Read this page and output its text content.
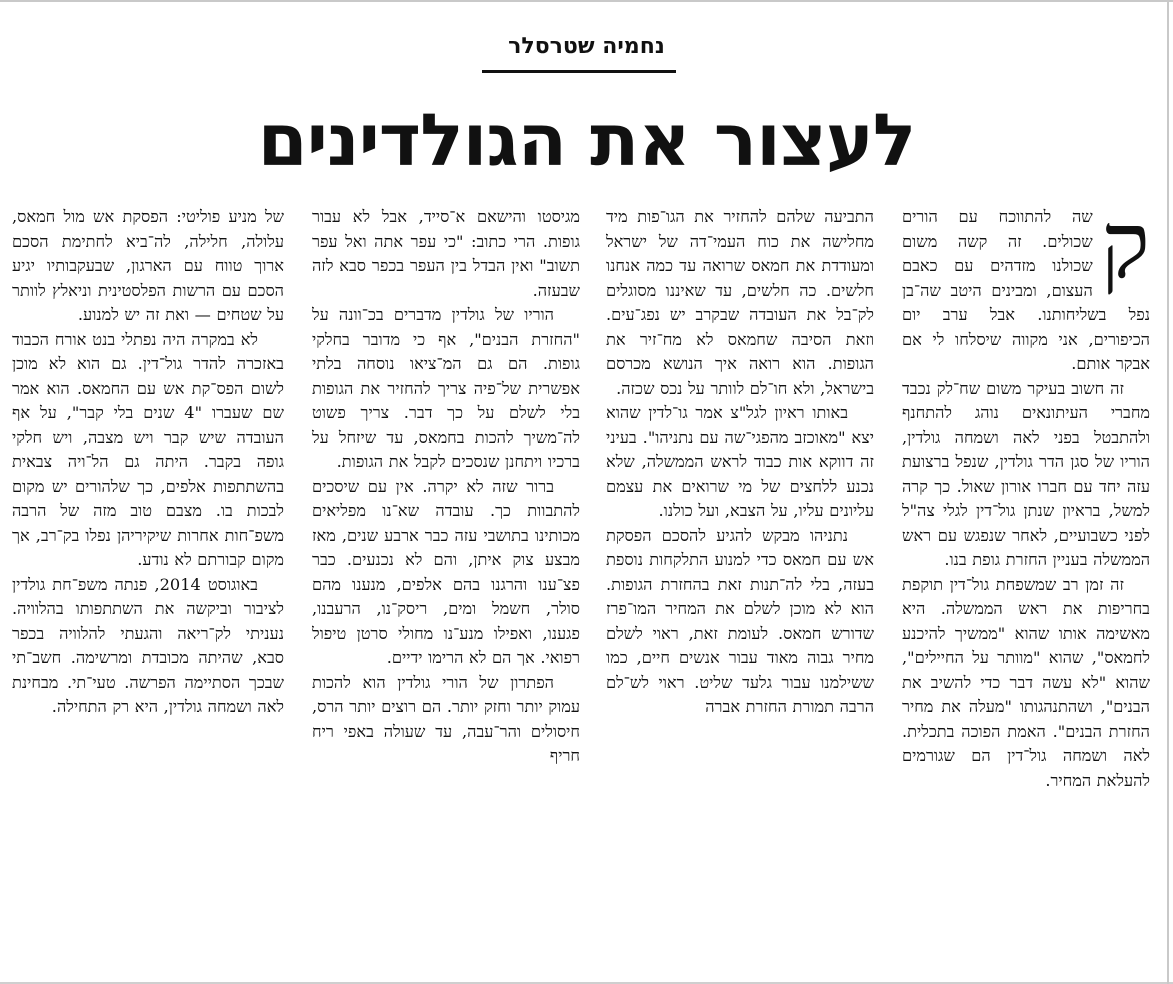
נחמיה שטרסלר
לעצור את הגולדינים

ק
שה להתווכח עם הורים שכולים. זה קשה משום שכולנו מזדהים עם כאבם העצום, ומבינים היטב שה־בן נפל בשליחותנו. אבל ערב יום הכיפורים, אני מקווה שיסלחו לי אם אבקר אותם.

זה חשוב בעיקר משום שח־לק נכבד מחברי העיתונאים נוהג להתחנף ולהתבטל בפני לאה ושמחה גולדין, הוריו של סגן הדר גולדין, שנפל ברצועת עזה יחד עם חברו אורון שאול. כך קרה למשל, בראיון שנתן גול־דין לגלי צה"ל לפני כשבועיים, לאחר שנפגש עם ראש הממשלה בעניין החזרת גופת בנו.

זה זמן רב שמשפחת גול־דין תוקפת בחריפות את ראש הממשלה. היא מאשימה אותו שהוא "ממשיך להיכנע לחמאס", שהוא "מוותר על החיילים", שהוא "לא עשה דבר כדי להשיב את הבנים", ושהתנהגותו "מעלה את מחיר החזרת הבנים". האמת הפוכה בתכלית. לאה ושמחה גול־דין הם שגורמים להעלאת המחיר.

התביעה שלהם להחזיר את הגו־פות מיד מחלישה את כוח העמי־דה של ישראל ומעודדת את חמאס שרואה עד כמה אנחנו חלשים. כה חלשים, עד שאיננו מסוגלים לק־בל את העובדה שבקרב יש נפג־עים. וזאת הסיבה שחמאס לא מח־זיר את הגופות. הוא רואה איך הנושא מכרסם בישראל, ולא חו־לם לוותר על נכס שכזה.

באותו ראיון לגל"צ אמר גו־לדין שהוא יצא "מאוכזב מהפגי־שה עם נתניהו". בעיני זה דווקא אות כבוד לראש הממשלה, שלא נכנע ללחצים של מי שרואים את עצמם עליונים עליו, על הצבא, ועל כולנו.

נתניהו מבקש להגיע להסכם הפסקת אש עם חמאס כדי למנוע התלקחות נוספת בעזה, בלי לה־תנות זאת בהחזרת הגופות. הוא לא מוכן לשלם את המחיר המו־פרז שדורש חמאס. לעומת זאת, ראוי לשלם מחיר גבוה מאוד עבור אנשים חיים, כמו ששילמנו עבור גלעד שליט. ראוי לש־לם הרבה תמורת החזרת אברה

מגיסטו והישאם א־סייד, אבל לא עבור גופות. הרי כתוב: "כי עפר אתה ואל עפר תשוב" ואין הבדל בין העפר בכפר סבא לזה שבעזה.

הוריו של גולדין מדברים בכ־וונה על "החזרת הבנים", אף כי מדובר בחלקי גופות. הם גם המ־ציאו נוסחה בלתי אפשרית של־פיה צריך להחזיר את הגופות בלי לשלם על כך דבר. צריך פשוט לה־משיך להכות בחמאס, עד שיזחל על ברכיו ויתחנן שנסכים לקבל את הגופות.

ברור שזה לא יקרה. אין עם שיסכים להתבוות כך. עובדה שא־נו מפליאים מכותינו בתושבי עזה כבר ארבע שנים, מאז מבצע צוק איתן, והם לא נכנעים. כבר פצ־ענו והרגנו בהם אלפים, מנענו מהם סולר, חשמל ומים, ריסק־נו, הרעבנו, פגענו, ואפילו מנע־נו מחולי סרטן טיפול רפואי. אך הם לא הרימו ידיים.

הפתרון של הורי גולדין הוא להכות עמוק יותר וחזק יותר. הם רוצים יותר הרס, חיסולים והר־עבה, עד שעולה באפי ריח חריף

של מניע פוליטי: הפסקת אש מול חמאס, עלולה, חלילה, לה־ביא לחתימת הסכם ארוך טווח עם הארגון, שבעקבותיו יגיע הסכם עם הרשות הפלסטינית וניאלץ לוותר על שטחים — ואת זה יש למנוע.

לא במקרה היה נפתלי בנט אורח הכבוד באזכרה להדר גול־דין. גם הוא לא מוכן לשום הפס־קת אש עם החמאס. הוא אמר שם שעברו "4 שנים בלי קבר", על אף העובדה שיש קבר ויש מצבה, ויש חלקי גופה בקבר. היתה גם הל־ויה צבאית בהשתתפות אלפים, כך שלהורים יש מקום לבכות בו. מצבם טוב מזה של הרבה משפ־חות אחרות שיקיריהן נפלו בק־רב, אך מקום קבורתם לא נודע.

באוגוסט 2014, פנתה משפ־חת גולדין לציבור וביקשה את השתתפותו בהלוויה. נעניתי לק־ריאה והגעתי להלוויה בכפר סבא, שהיתה מכובדת ומרשימה. חשב־תי שבכך הסתיימה הפרשה. טעי־תי. מבחינת לאה ושמחה גולדין, היא רק התחילה.
